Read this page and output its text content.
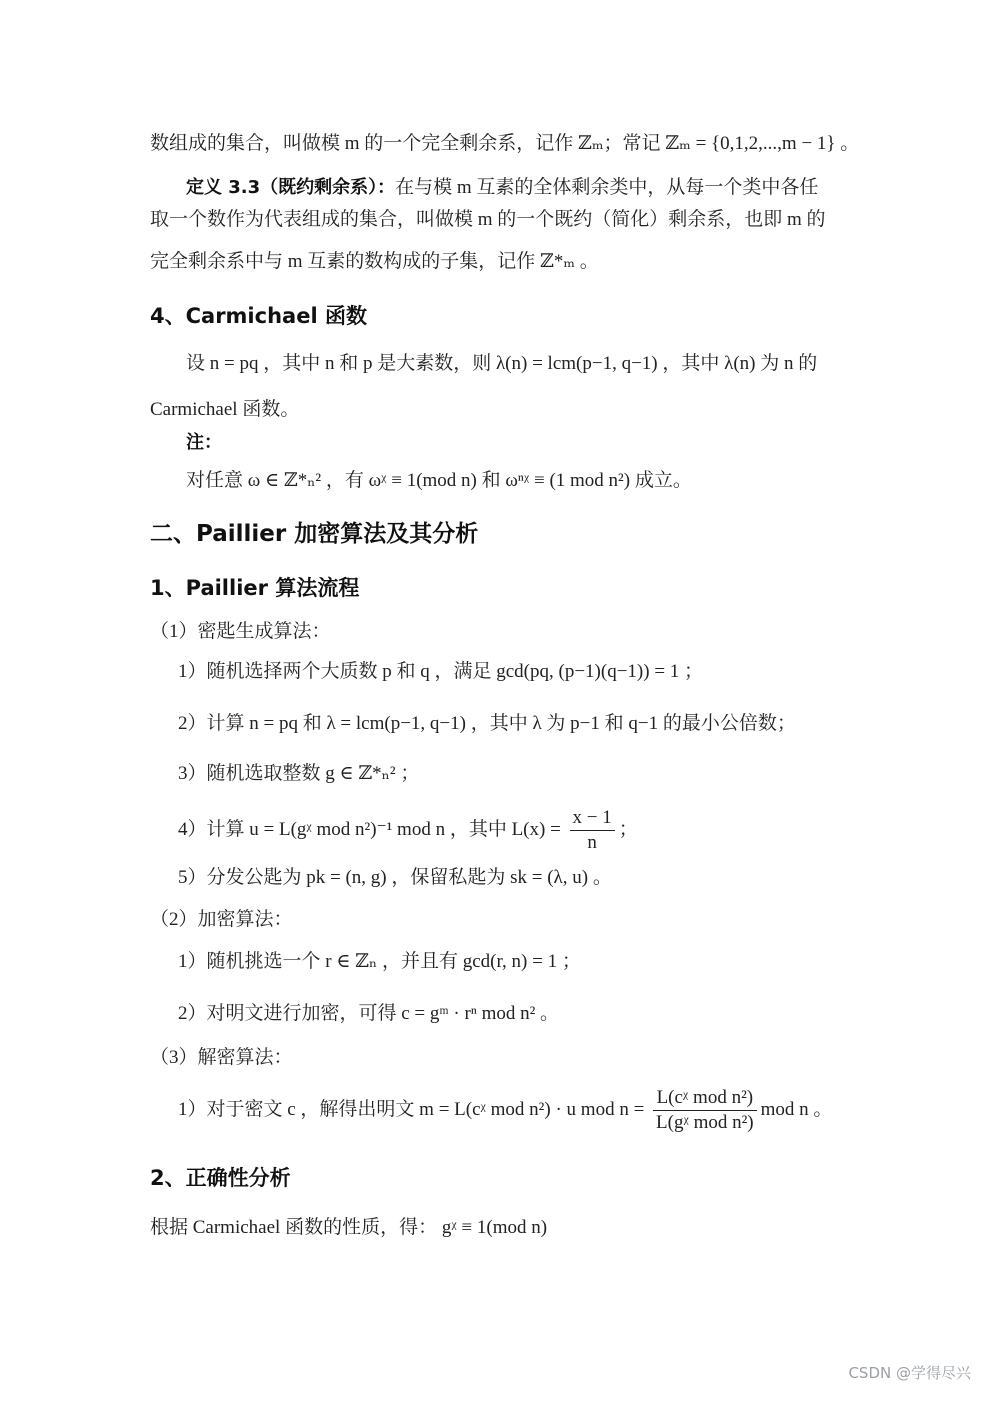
数组成的集合，叫做模 m 的一个完全剩余系，记作 ℤₘ；常记 ℤₘ = {0,1,2,...,m − 1} 。
定义 3.3（既约剩余系）：在与模 m 互素的全体剩余类中，从每一个类中各任
取一个数作为代表组成的集合，叫做模 m 的一个既约（简化）剩余系，也即 m 的
完全剩余系中与 m 互素的数构成的子集，记作 ℤ*ₘ 。
4、Carmichael 函数
设 n = pq ，其中 n 和 p 是大素数，则 λ(n) = lcm(p−1, q−1) ，其中 λ(n) 为 n 的
Carmichael 函数。
注：
对任意 ω ∈ ℤ*ₙ² ，有 ωᵡ ≡ 1(mod n) 和 ωⁿᵡ ≡ (1 mod n²) 成立。
二、Paillier 加密算法及其分析
1、Paillier 算法流程
（1）密匙生成算法：
1）随机选择两个大质数 p 和 q ，满足 gcd(pq, (p−1)(q−1)) = 1 ；
2）计算 n = pq 和 λ = lcm(p−1, q−1) ，其中 λ 为 p−1 和 q−1 的最小公倍数；
3）随机选取整数 g ∈ ℤ*ₙ² ；
4）计算 u = L(gᵡ mod n²)⁻¹ mod n ，其中 $L(x) = \frac{x - 1}{n}$ ；
5）分发公匙为 pk = (n, g) ，保留私匙为 sk = (λ, u) 。
（2）加密算法：
1）随机挑选一个 r ∈ ℤₙ ，并且有 gcd(r, n) = 1 ；
2）对明文进行加密，可得 c = gᵐ · rⁿ mod n² 。
（3）解密算法：
1）对于密文 c ，解得出明文 m = L(cᵡ mod n²) · u mod $n = \frac{\text{L(cᵡ mod n²)}}{\text{L(gᵡ mod n²)}}$ mod n 。
2、正确性分析
根据 Carmichael 函数的性质，得： gᵡ ≡ 1(mod n)
CSDN @学得尽兴
